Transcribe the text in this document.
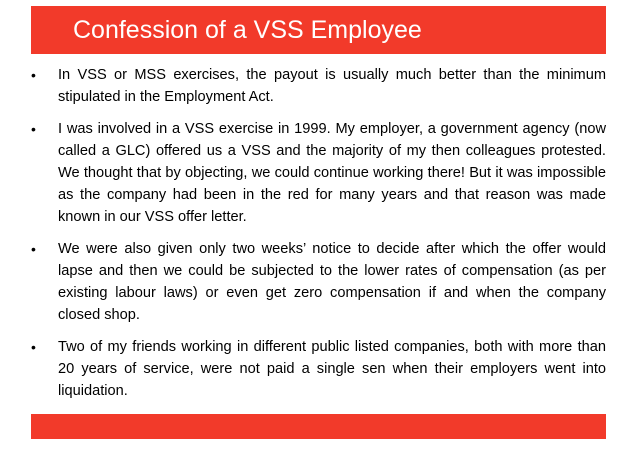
Confession of a VSS Employee
•	In VSS or MSS exercises, the payout is usually much better than the minimum stipulated in the Employment Act.
•	I was involved in a VSS exercise in 1999. My employer, a government agency (now called a GLC) offered us a VSS and the majority of my then colleagues protested. We thought that by objecting, we could continue working there! But it was impossible as the company had been in the red for many years and that reason was made known in our VSS offer letter.
•	We were also given only two weeks’ notice to decide after which the offer would lapse and then we could be subjected to the lower rates of compensation (as per existing labour laws) or even get zero compensation if and when the company closed shop.
•	Two of my friends working in different public listed companies, both with more than 20 years of service, were not paid a single sen when their employers went into liquidation.
